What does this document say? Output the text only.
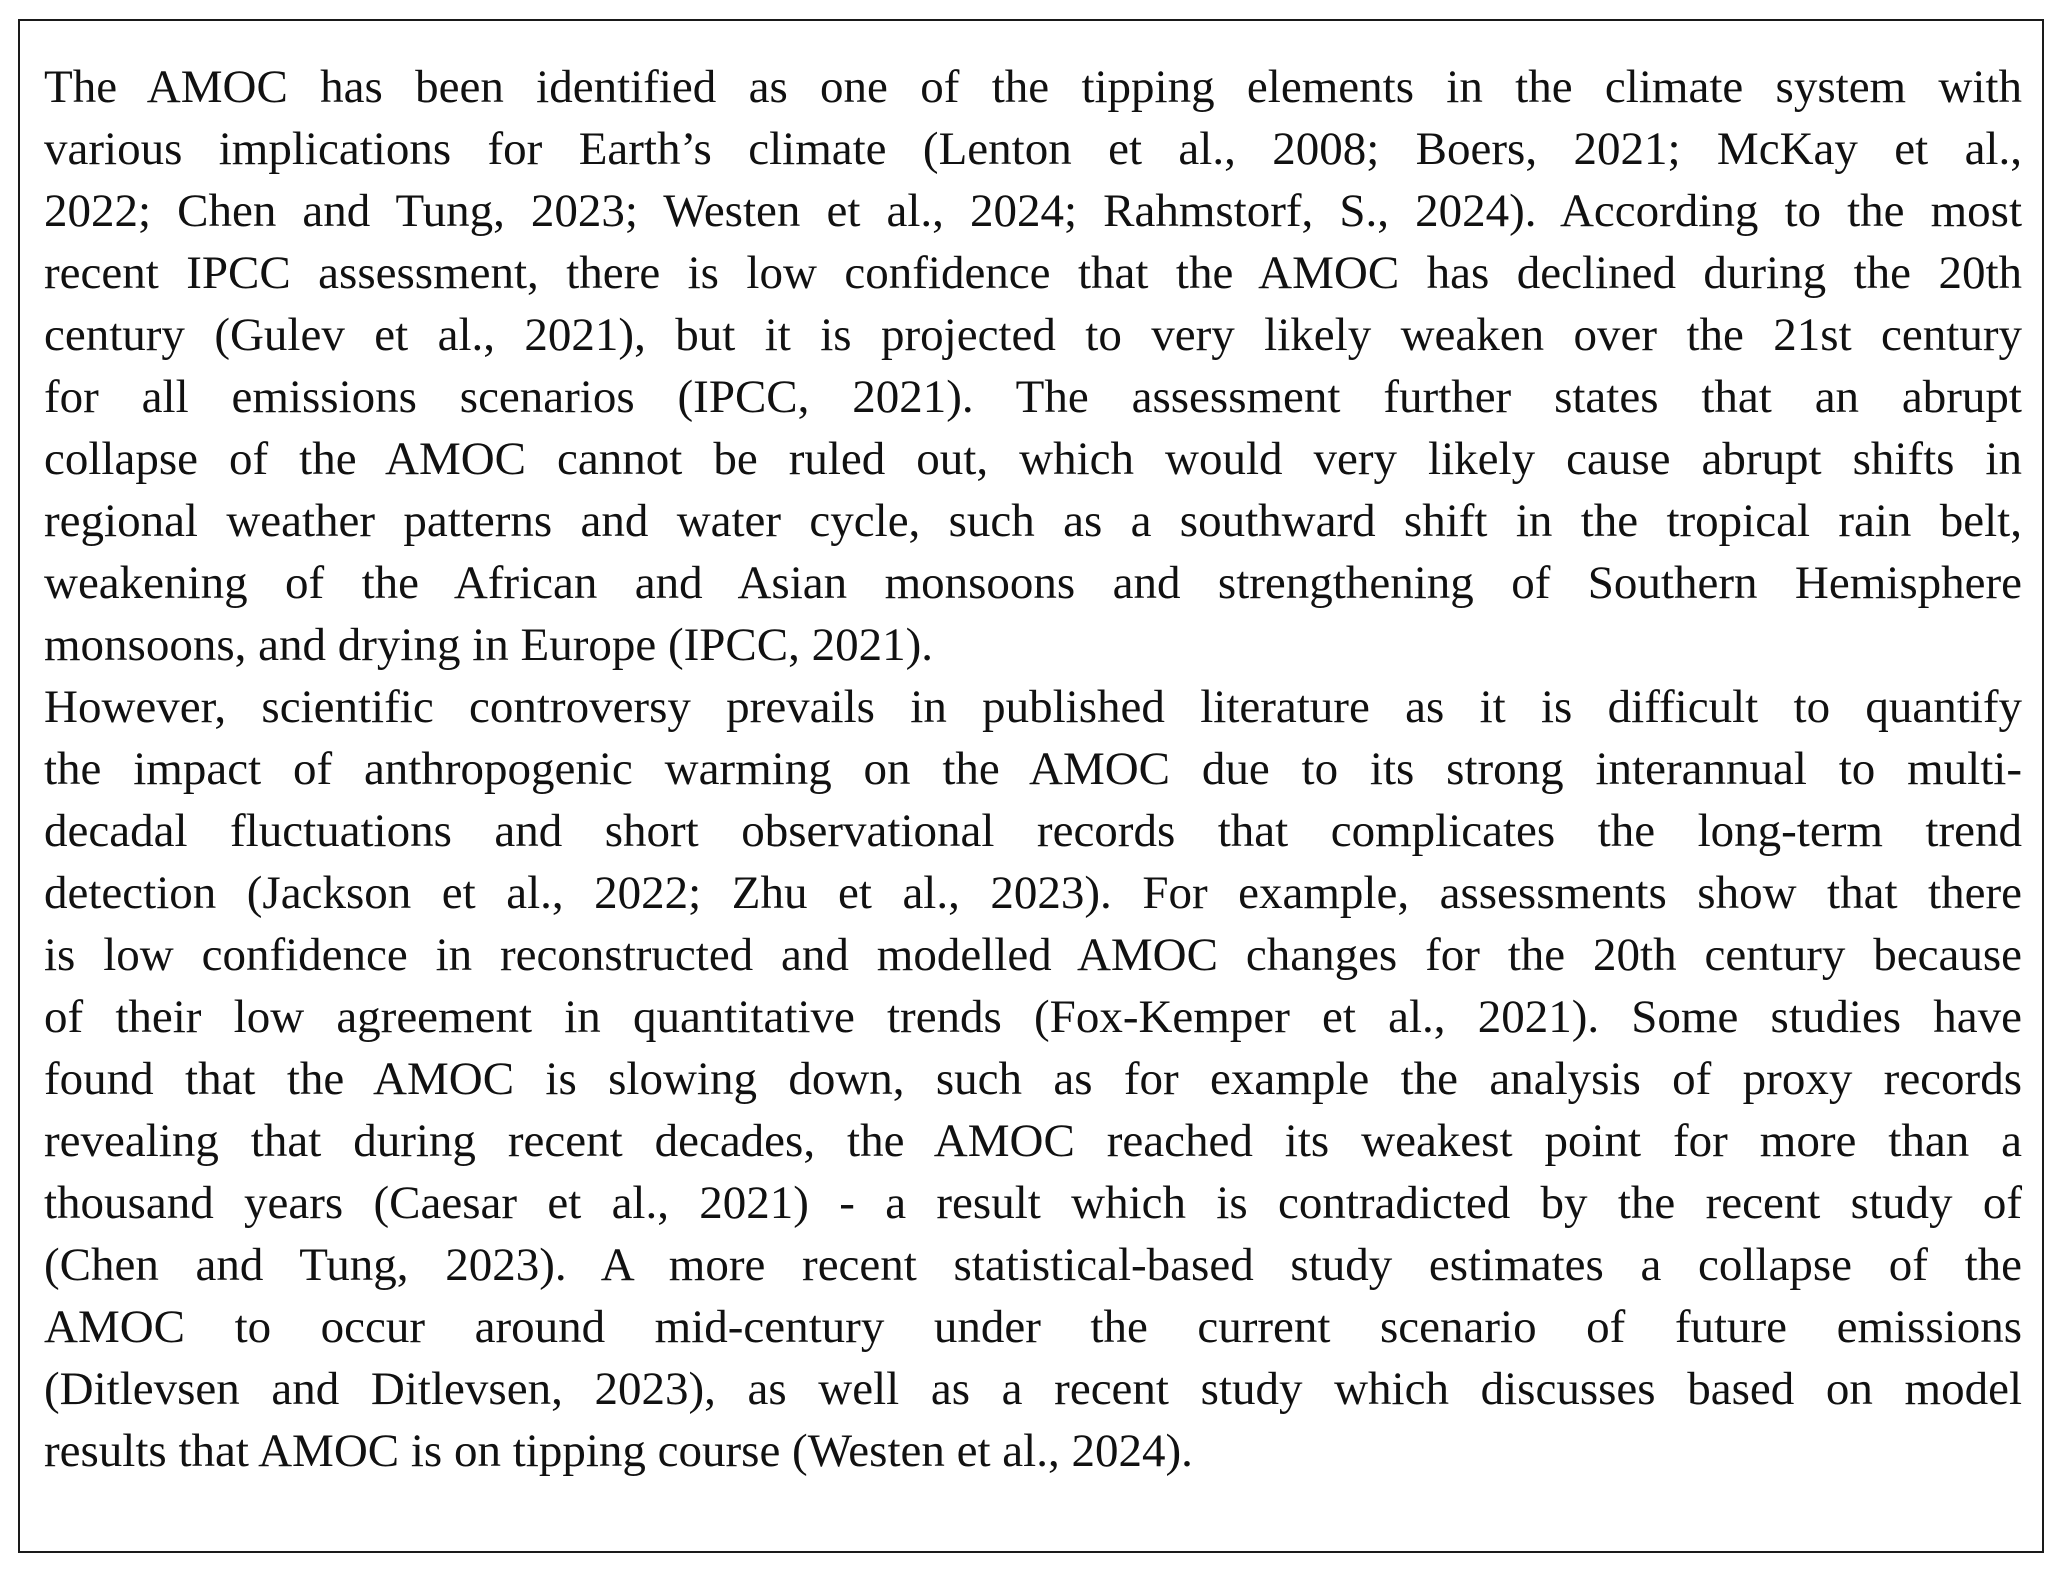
The AMOC has been identified as one of the tipping elements in the climate system with
various implications for Earth’s climate (Lenton et al., 2008; Boers, 2021; McKay et al.,
2022; Chen and Tung, 2023; Westen et al., 2024; Rahmstorf, S., 2024). According to the most
recent IPCC assessment, there is low confidence that the AMOC has declined during the 20th
century (Gulev et al., 2021), but it is projected to very likely weaken over the 21st century
for all emissions scenarios (IPCC, 2021). The assessment further states that an abrupt
collapse of the AMOC cannot be ruled out, which would very likely cause abrupt shifts in
regional weather patterns and water cycle, such as a southward shift in the tropical rain belt,
weakening of the African and Asian monsoons and strengthening of Southern Hemisphere
monsoons, and drying in Europe (IPCC, 2021).
However, scientific controversy prevails in published literature as it is difficult to quantify
the impact of anthropogenic warming on the AMOC due to its strong interannual to multi-
decadal fluctuations and short observational records that complicates the long-term trend
detection (Jackson et al., 2022; Zhu et al., 2023). For example, assessments show that there
is low confidence in reconstructed and modelled AMOC changes for the 20th century because
of their low agreement in quantitative trends (Fox-Kemper et al., 2021). Some studies have
found that the AMOC is slowing down, such as for example the analysis of proxy records
revealing that during recent decades, the AMOC reached its weakest point for more than a
thousand years (Caesar et al., 2021) - a result which is contradicted by the recent study of
(Chen and Tung, 2023). A more recent statistical-based study estimates a collapse of the
AMOC to occur around mid-century under the current scenario of future emissions
(Ditlevsen and Ditlevsen, 2023), as well as a recent study which discusses based on model
results that AMOC is on tipping course (Westen et al., 2024).
